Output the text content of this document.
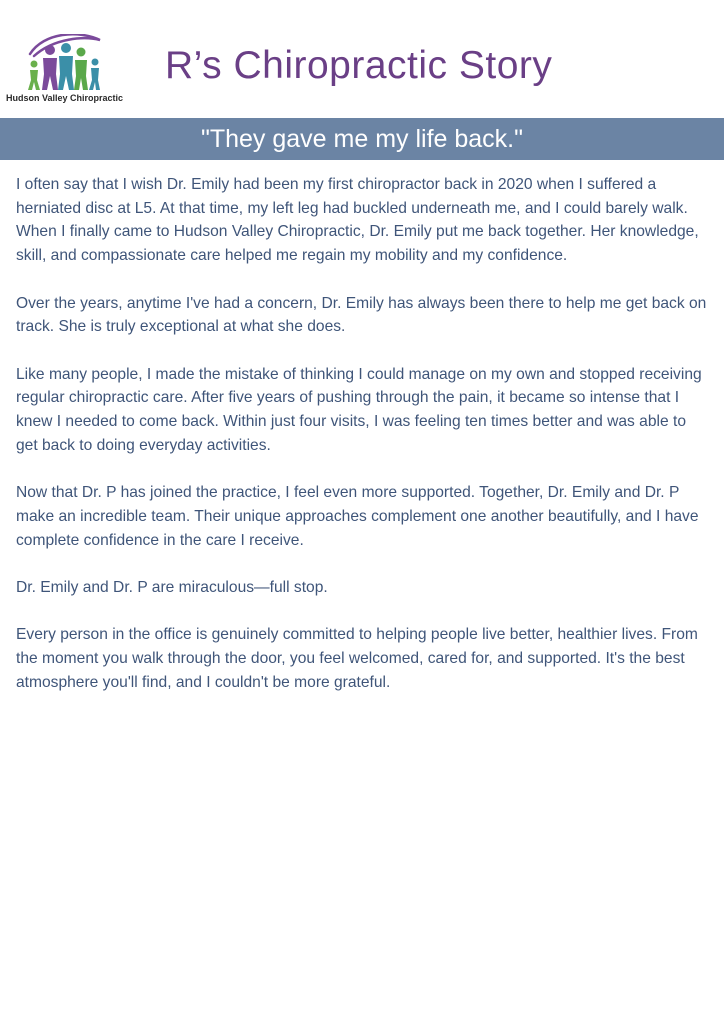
Hudson Valley Chiropractic
R’s Chiropractic Story
"They gave me my life back."

I often say that I wish Dr. Emily had been my first chiropractor back in 2020 when I suffered a herniated disc at L5. At that time, my left leg had buckled underneath me, and I could barely walk. When I finally came to Hudson Valley Chiropractic, Dr. Emily put me back together. Her knowledge, skill, and compassionate care helped me regain my mobility and my confidence.

Over the years, anytime I've had a concern, Dr. Emily has always been there to help me get back on track. She is truly exceptional at what she does.

Like many people, I made the mistake of thinking I could manage on my own and stopped receiving regular chiropractic care. After five years of pushing through the pain, it became so intense that I knew I needed to come back. Within just four visits, I was feeling ten times better and was able to get back to doing everyday activities.

Now that Dr. P has joined the practice, I feel even more supported. Together, Dr. Emily and Dr. P make an incredible team. Their unique approaches complement one another beautifully, and I have complete confidence in the care I receive.

Dr. Emily and Dr. P are miraculous—full stop.

Every person in the office is genuinely committed to helping people live better, healthier lives. From the moment you walk through the door, you feel welcomed, cared for, and supported. It's the best atmosphere you'll find, and I couldn't be more grateful.
